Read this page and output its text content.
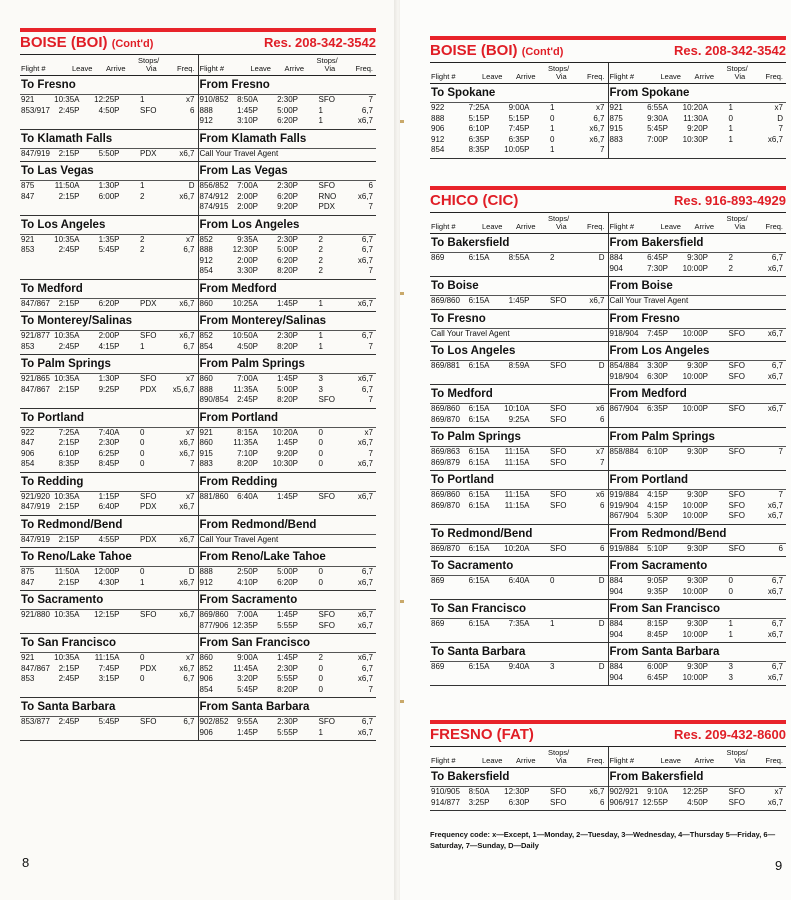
BOISE (BOI) (Cont'd)	Res. 208-342-3542
Flight #	Leave Arrive	Via	Freq.
Stops/
Flight #	Leave Arrive	Via	Freq.
Stops/
To Fresno
921 10:35A 12:25P	1	x7
853/917 2:45P 4:50P	SFO	6
From Fresno
910/852 8:50A 2:30P	SFO	7
888	1:45P 5:00P	1	6,7
912	3:10P 6:20P	1	x6,7
To Klamath Falls
847/919 2:15P 5:50P	PDX	x6,7
From Klamath Falls
Call Your Travel Agent
To Las Vegas
875	11:50A 1:30P	1	D
847	2:15P 6:00P	2	x6,7
From Las Vegas
856/852 7:00A 2:30P	SFO	6
874/912 2:00P 6:20P	RNO	x6,7
874/915 2:00P 9:20P	PDX	7
To Los Angeles
921 10:35A 1:35P	2	x7
853	2:45P 5:45P	2	6,7
From Los Angeles
852	9:35A 2:30P	2	6,7
888 12:30P 5:00P	2	6,7
912	2:00P 6:20P	2	x6,7
854	3:30P 8:20P	2	7
To Medford
847/867 2:15P 6:20P	PDX	x6,7
From Medford
860 10:25A 1:45P	1	x6,7
To Monterey/Salinas
921/877 10:35A 2:00P	SFO	x6,7
853	2:45P 4:15P	1	6,7
From Monterey/Salinas
852 10:50A 2:30P	1	6,7
854	4:50P 8:20P	1	7
To Palm Springs
921/865 10:35A 1:30P	SFO	x7
847/867 2:15P 9:25P	PDX x5,6,7
From Palm Springs
860	7:00A 1:45P	3	x6,7
888	11:35A 5:00P	3	6,7
890/854 2:45P 8:20P	SFO	7
To Portland
922	7:25A 7:40A	0	x7
847	2:15P 2:30P	0	x6,7
906	6:10P 6:25P	0	x6,7
854	8:35P 8:45P	0	7
From Portland
921	8:15A 10:20A	0	x7
860	11:35A 1:45P	0	x6,7
915	7:10P 9:20P	0	7
883	8:20P 10:30P	0	x6,7
To Redding
921/920 10:35A 1:15P	SFO	x7
847/919 2:15P 6:40P	PDX	x6,7
From Redding
881/860 6:40A 1:45P	SFO	x6,7
To Redmond/Bend
847/919 2:15P 4:55P	PDX	x6,7
From Redmond/Bend
Call Your Travel Agent
To Reno/Lake Tahoe
875	11:50A 12:00P	0	D
847	2:15P 4:30P	1	x6,7
From Reno/Lake Tahoe
888	2:50P 5:00P	0	6,7
912	4:10P 6:20P	0	x6,7
To Sacramento
921/880 10:35A 12:15P	SFO	x6,7
From Sacramento
869/860 7:00A 1:45P	SFO	x6,7
877/906 12:35P 5:55P	SFO	x6,7
To San Francisco
921 10:35A 11:15A	0	x7
847/867 2:15P 7:45P	PDX	x6,7
853	2:45P 3:15P	0	6,7
From San Francisco
860	9:00A 1:45P	2	x6,7
852	11:45A 2:30P	0	6,7
906	3:20P 5:55P	0	x6,7
854	5:45P 8:20P	0	7
To Santa Barbara
853/877 2:45P 5:45P	SFO	6,7
From Santa Barbara
902/852 9:55A 2:30P	SFO	6,7
906	1:45P 5:55P	1	x6,7
BOISE (BOI) (Cont'd)	Res. 208-342-3542
Flight #	Leave Arrive	Via	Freq.
Stops/
Flight #	Leave Arrive	Via	Freq.
Stops/
To Spokane
922	7:25A 9:00A	1	x7
888	5:15P 5:15P	0	6,7
906	6:10P 7:45P	1	x6,7
912	6:35P 6:35P	0	x6,7
854	8:35P 10:05P	1	7
From Spokane
921	6:55A 10:20A	1	x7
875	9:30A 11:30A	0	D
915	5:45P 9:20P	1	7
883	7:00P 10:30P	1	x6,7
CHICO (CIC)	Res. 916-893-4929
Flight #	Leave Arrive	Via	Freq.
Stops/
Flight #	Leave Arrive	Via	Freq.
Stops/
To Bakersfield
869	6:15A 8:55A	2	D
From Bakersfield
884	6:45P 9:30P	2	6,7
904	7:30P 10:00P	2	x6,7
To Boise
869/860 6:15A 1:45P	SFO	x6,7
From Boise
Call Your Travel Agent
To Fresno
Call Your Travel Agent
From Fresno
918/904 7:45P 10:00P	SFO	x6,7
To Los Angeles
869/881 6:15A 8:59A	SFO	D
From Los Angeles
854/884 3:30P 9:30P	SFO	6,7
918/904 6:30P 10:00P	SFO	x6,7
To Medford
869/860 6:15A 10:10A	SFO	x6
869/870 6:15A 9:25A	SFO	6
From Medford
867/904 6:35P 10:00P	SFO	x6,7
To Palm Springs
869/863 6:15A 11:15A	SFO	x7
869/879 6:15A 11:15A	SFO	7
From Palm Springs
858/884 6:10P 9:30P	SFO	7
To Portland
869/860 6:15A 11:15A	SFO	x6
869/870 6:15A 11:15A	SFO	6
From Portland
919/884 4:15P 9:30P	SFO	7
919/904 4:15P 10:00P	SFO	x6,7
867/904 5:30P 10:00P	SFO	x6,7
To Redmond/Bend
869/870 6:15A 10:20A	SFO	6
From Redmond/Bend
919/884 5:10P 9:30P	SFO	6
To Sacramento
869	6:15A 6:40A	0	D
From Sacramento
884	9:05P 9:30P	0	6,7
904	9:35P 10:00P	0	x6,7
To San Francisco
869	6:15A 7:35A	1	D
From San Francisco
884	8:15P 9:30P	1	6,7
904	8:45P 10:00P	1	x6,7
To Santa Barbara
869	6:15A 9:40A	3	D
From Santa Barbara
884	6:00P 9:30P	3	6,7
904	6:45P 10:00P	3	x6,7
FRESNO (FAT)	Res. 209-432-8600
Flight #	Leave Arrive	Via	Freq.
Stops/
Flight #	Leave Arrive	Via	Freq.
Stops/
To Bakersfield
910/905 8:50A 12:30P	SFO	x6,7
914/877 3:25P 6:30P	SFO	6
From Bakersfield
902/921 9:10A 12:25P	SFO	x7
906/917 12:55P 4:50P	SFO	x6,7
Frequency code: x—Except, 1—Monday, 2—Tuesday, 3—Wednesday, 4—Thursday 5—Friday, 6—Saturday, 7—Sunday, D—Daily
8	9
